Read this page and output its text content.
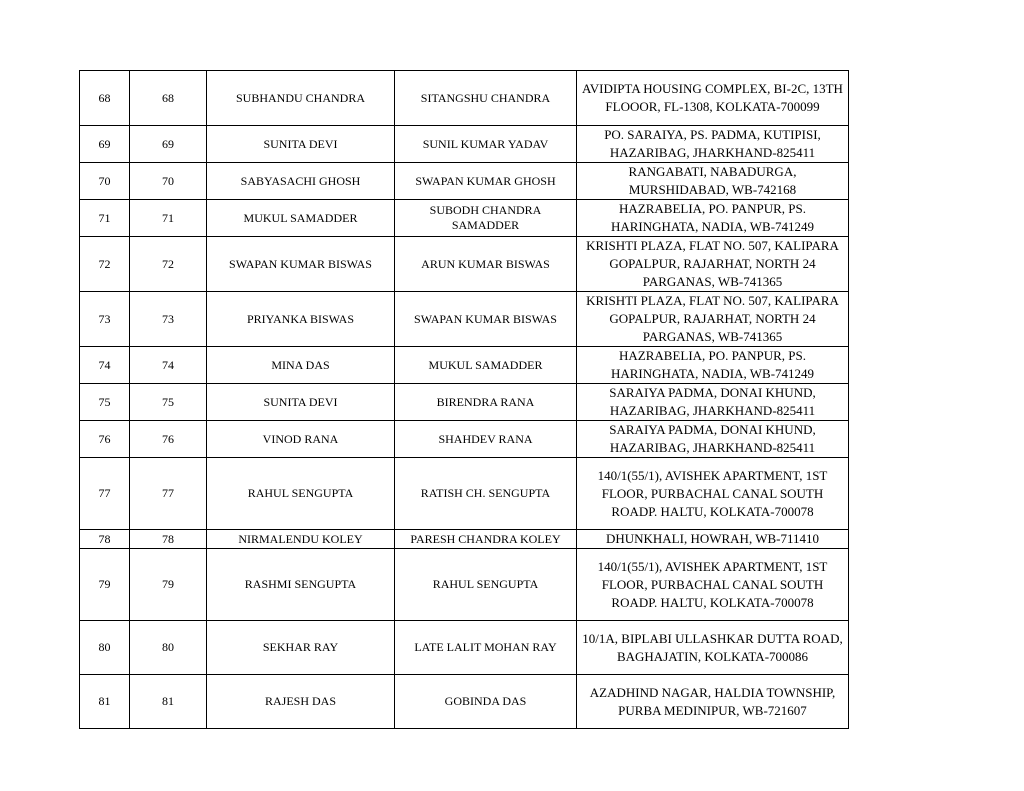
68	68	SUBHANDU CHANDRA	SITANGSHU CHANDRA	AVIDIPTA HOUSING COMPLEX, BI-2C, 13TH FLOOOR, FL-1308, KOLKATA-700099
69	69	SUNITA DEVI	SUNIL KUMAR YADAV	PO. SARAIYA, PS. PADMA, KUTIPISI, HAZARIBAG, JHARKHAND-825411
70	70	SABYASACHI GHOSH	SWAPAN KUMAR GHOSH	RANGABATI, NABADURGA, MURSHIDABAD, WB-742168
71	71	MUKUL SAMADDER	SUBODH CHANDRA SAMADDER	HAZRABELIA, PO. PANPUR, PS. HARINGHATA, NADIA, WB-741249
72	72	SWAPAN KUMAR BISWAS	ARUN KUMAR BISWAS	KRISHTI PLAZA, FLAT NO. 507, KALIPARA GOPALPUR, RAJARHAT, NORTH 24 PARGANAS, WB-741365
73	73	PRIYANKA BISWAS	SWAPAN KUMAR BISWAS	KRISHTI PLAZA, FLAT NO. 507, KALIPARA GOPALPUR, RAJARHAT, NORTH 24 PARGANAS, WB-741365
74	74	MINA DAS	MUKUL SAMADDER	HAZRABELIA, PO. PANPUR, PS. HARINGHATA, NADIA, WB-741249
75	75	SUNITA DEVI	BIRENDRA RANA	SARAIYA PADMA, DONAI KHUND, HAZARIBAG, JHARKHAND-825411
76	76	VINOD RANA	SHAHDEV RANA	SARAIYA PADMA, DONAI KHUND, HAZARIBAG, JHARKHAND-825411
77	77	RAHUL SENGUPTA	RATISH CH. SENGUPTA	140/1(55/1), AVISHEK APARTMENT, 1ST FLOOR, PURBACHAL CANAL SOUTH ROADP. HALTU, KOLKATA-700078
78	78	NIRMALENDU KOLEY	PARESH CHANDRA KOLEY	DHUNKHALI, HOWRAH, WB-711410
79	79	RASHMI SENGUPTA	RAHUL SENGUPTA	140/1(55/1), AVISHEK APARTMENT, 1ST FLOOR, PURBACHAL CANAL SOUTH ROADP. HALTU, KOLKATA-700078
80	80	SEKHAR RAY	LATE LALIT MOHAN RAY	10/1A, BIPLABI ULLASHKAR DUTTA ROAD, BAGHAJATIN, KOLKATA-700086
81	81	RAJESH DAS	GOBINDA DAS	AZADHIND NAGAR, HALDIA TOWNSHIP, PURBA MEDINIPUR, WB-721607
